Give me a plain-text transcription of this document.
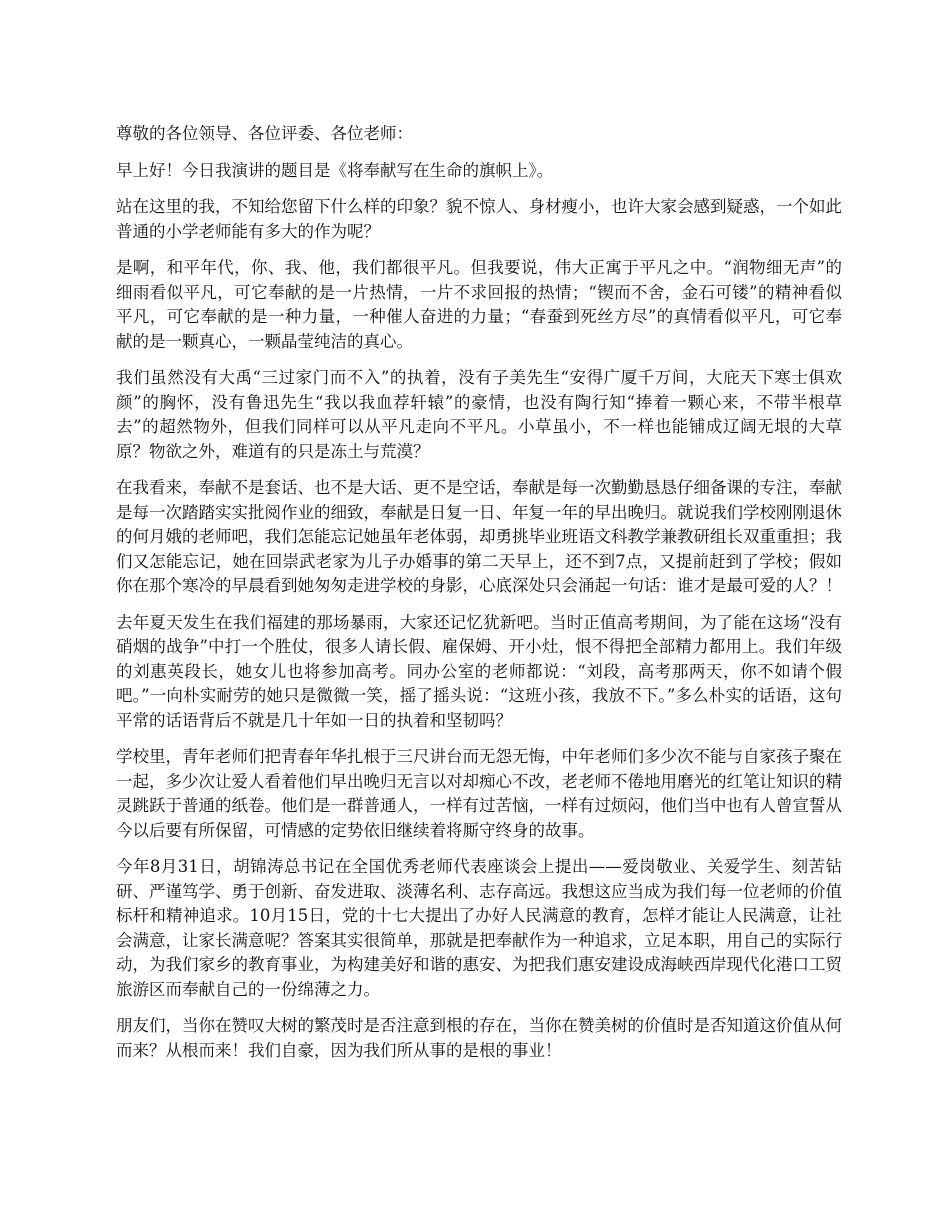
尊敬的各位领导、各位评委、各位老师：

早上好！今日我演讲的题目是《将奉献写在生命的旗帜上》。

站在这里的我，不知给您留下什么样的印象？貌不惊人、身材瘦小，也许大家会感到疑惑，一个如此普通的小学老师能有多大的作为呢？

是啊，和平年代，你、我、他，我们都很平凡。但我要说，伟大正寓于平凡之中。“润物细无声”的细雨看似平凡，可它奉献的是一片热情，一片不求回报的热情；“锲而不舍，金石可镂”的精神看似平凡，可它奉献的是一种力量，一种催人奋进的力量；“春蚕到死丝方尽”的真情看似平凡，可它奉献的是一颗真心，一颗晶莹纯洁的真心。

我们虽然没有大禹“三过家门而不入”的执着，没有子美先生“安得广厦千万间，大庇天下寒士俱欢颜”的胸怀，没有鲁迅先生“我以我血荐轩辕”的豪情，也没有陶行知“捧着一颗心来，不带半根草去”的超然物外，但我们同样可以从平凡走向不平凡。小草虽小，不一样也能铺成辽阔无垠的大草原？物欲之外，难道有的只是冻土与荒漠？

在我看来，奉献不是套话、也不是大话、更不是空话，奉献是每一次勤勤恳恳仔细备课的专注，奉献是每一次踏踏实实批阅作业的细致，奉献是日复一日、年复一年的早出晚归。就说我们学校刚刚退休的何月娥的老师吧，我们怎能忘记她虽年老体弱，却勇挑毕业班语文科教学兼教研组长双重重担；我们又怎能忘记，她在回崇武老家为儿子办婚事的第二天早上，还不到7点，又提前赶到了学校；假如你在那个寒冷的早晨看到她匆匆走进学校的身影，心底深处只会涌起一句话：谁才是最可爱的人？！

去年夏天发生在我们福建的那场暴雨，大家还记忆犹新吧。当时正值高考期间，为了能在这场“没有硝烟的战争”中打一个胜仗，很多人请长假、雇保姆、开小灶，恨不得把全部精力都用上。我们年级的刘惠英段长，她女儿也将参加高考。同办公室的老师都说：“刘段，高考那两天，你不如请个假吧。”一向朴实耐劳的她只是微微一笑，摇了摇头说：“这班小孩，我放不下。”多么朴实的话语，这句平常的话语背后不就是几十年如一日的执着和坚韧吗？

学校里，青年老师们把青春年华扎根于三尺讲台而无怨无悔，中年老师们多少次不能与自家孩子聚在一起，多少次让爱人看着他们早出晚归无言以对却痴心不改，老老师不倦地用磨光的红笔让知识的精灵跳跃于普通的纸卷。他们是一群普通人，一样有过苦恼，一样有过烦闷，他们当中也有人曾宣誓从今以后要有所保留，可情感的定势依旧继续着将厮守终身的故事。

今年8月31日，胡锦涛总书记在全国优秀老师代表座谈会上提出——爱岗敬业、关爱学生、刻苦钻研、严谨笃学、勇于创新、奋发进取、淡薄名利、志存高远。我想这应当成为我们每一位老师的价值标杆和精神追求。10月15日，党的十七大提出了办好人民满意的教育，怎样才能让人民满意，让社会满意，让家长满意呢？答案其实很简单，那就是把奉献作为一种追求，立足本职，用自己的实际行动，为我们家乡的教育事业，为构建美好和谐的惠安、为把我们惠安建设成海峡西岸现代化港口工贸旅游区而奉献自己的一份绵薄之力。

朋友们，当你在赞叹大树的繁茂时是否注意到根的存在，当你在赞美树的价值时是否知道这价值从何而来？从根而来！我们自豪，因为我们所从事的是根的事业！
